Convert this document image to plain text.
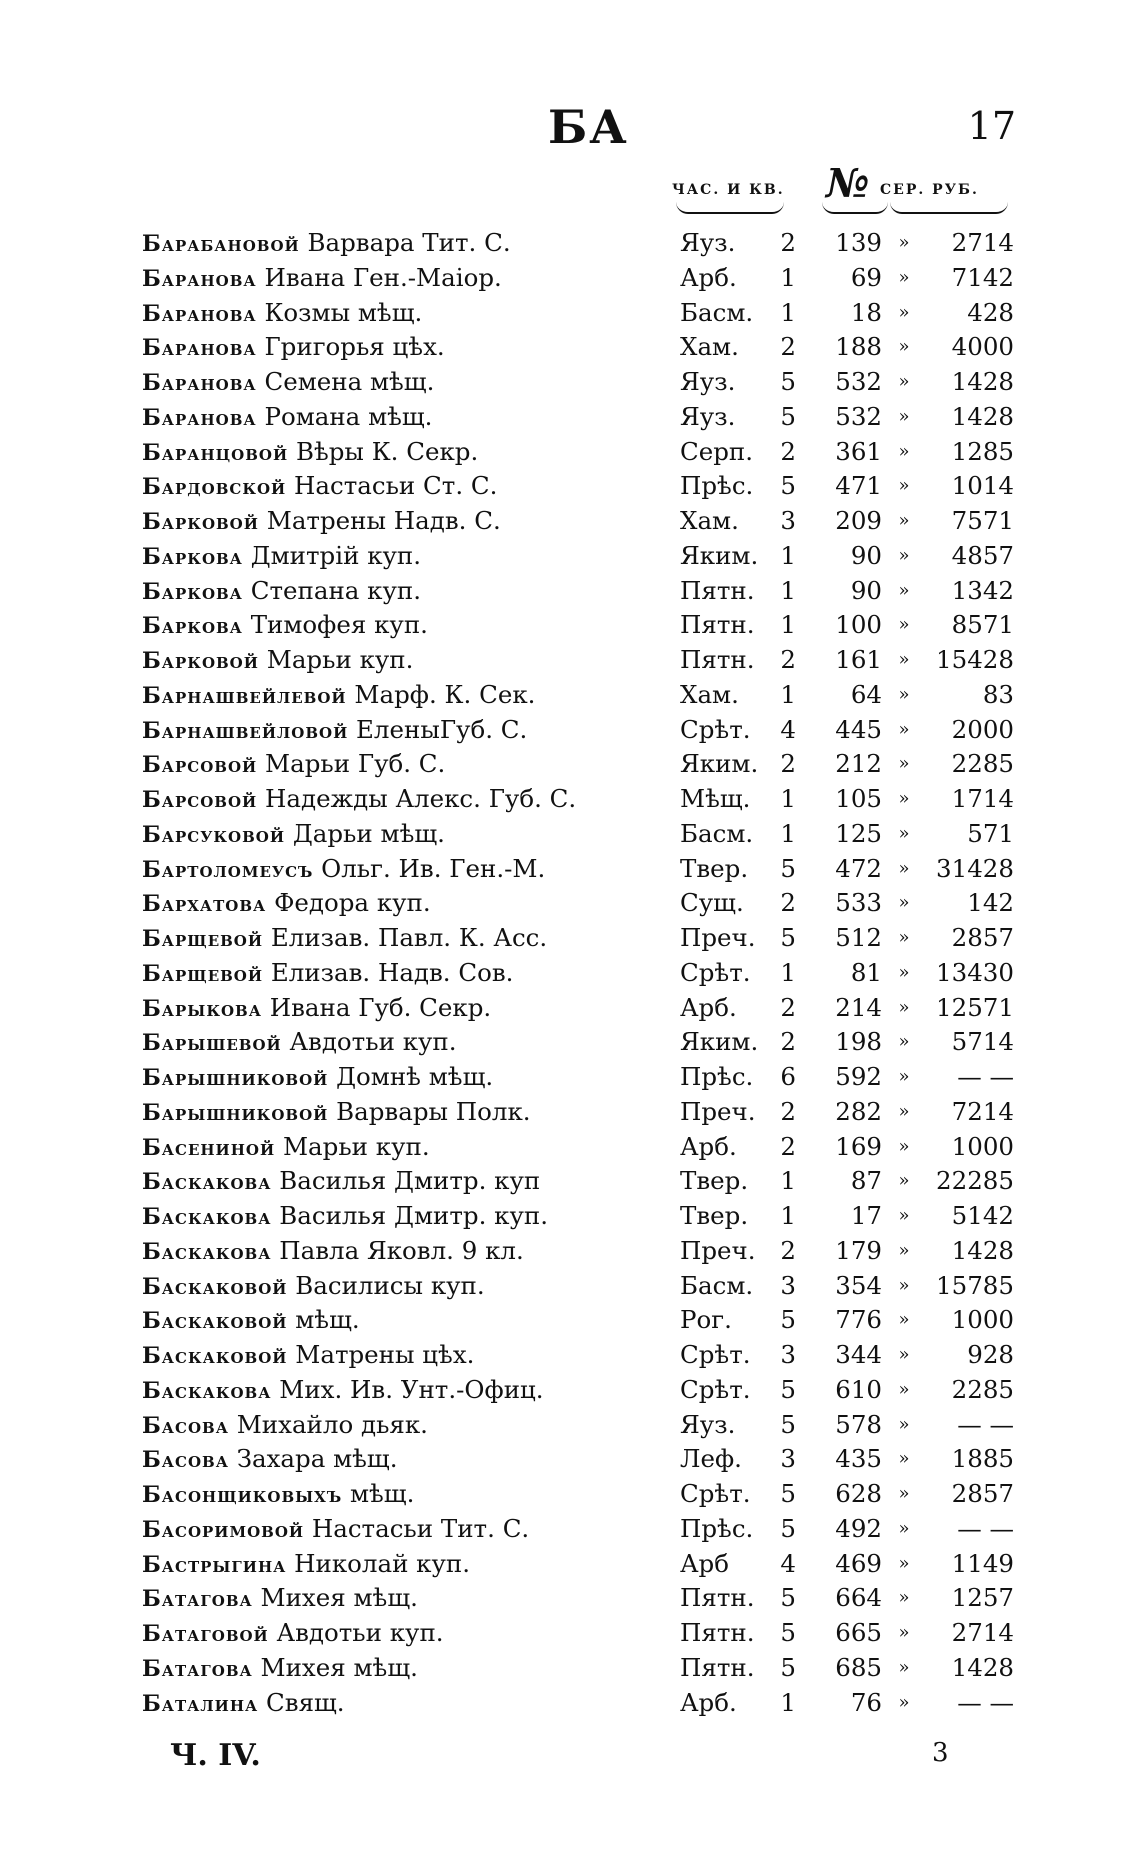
БА	17
ЧАС. И КВ. № СЕР. РУБ.
Барабановой Варвара Тит. С.	Яуз.	2	139 »	2714
Баранова Ивана Ген.-Маіор.	Арб.	1	69 »	7142
Баранова Козмы мѣщ.	Басм.	1	18 »	428
Баранова Григорья цѣх.	Хам.	2	188 »	4000
Баранова Семена мѣщ.	Яуз.	5	532 »	1428
Баранова Романа мѣщ.	Яуз.	5	532 »	1428
Баранцовой Вѣры К. Секр.	Серп.	2	361 »	1285
Бардовской Настасьи Ст. С.	Прѣс.	5	471 »	1014
Барковой Матрены Надв. С.	Хам.	3	209 »	7571
Баркова Дмитрій куп.	Яким. 1	90 »	4857
Баркова Степана куп.	Пятн.	1	90 »	1342
Баркова Тимофея куп.	Пятн.	1	100 »	8571
Барковой Марьи куп.	Пятн.	2	161 »	15428
Барнашвейлевой Марф. К. Сек.	Хам.	1	64 »	83
Барнашвейловой ЕленыГуб. С.	Срѣт.	4	445 »	2000
Барсовой Марьи Губ. С.	Яким. 2	212 »	2285
Барсовой Надежды Алекс. Губ. С.	Мѣщ.	1	105 »	1714
Барсуковой Дарьи мѣщ.	Басм.	1	125 »	571
Бартоломеусъ Ольг. Ив. Ген.-М.	Твер.	5	472 »	31428
Бархатова Федора куп.	Сущ.	2	533 »	142
Барщевой Елизав. Павл. К. Асс.	Преч.	5	512 »	2857
Барщевой Елизав. Надв. Сов.	Срѣт.	1	81 »	13430
Барыкова Ивана Губ. Секр.	Арб.	2	214 »	12571
Барышевой Авдотьи куп.	Яким. 2	198 »	5714
Барышниковой Домнѣ мѣщ.	Прѣс.	6	592 »	— —
Барышниковой Варвары Полк.	Преч.	2	282 »	7214
Басениной Марьи куп.	Арб.	2	169 »	1000
Баскакова Василья Дмитр. куп	Твер.	1	87 »	22285
Баскакова Василья Дмитр. куп.	Твер.	1	17 »	5142
Баскакова Павла Яковл. 9 кл.	Преч.	2	179 »	1428
Баскаковой Василисы куп.	Басм.	3	354 »	15785
Баскаковой мѣщ.	Рог.	5	776 »	1000
Баскаковой Матрены цѣх.	Срѣт.	3	344 »	928
Баскакова Мих. Ив. Унт.-Офиц.	Срѣт.	5	610 »	2285
Басова Михайло дьяк.	Яуз.	5	578 »	— —
Басова Захара мѣщ.	Леф.	3	435 »	1885
Басонщиковыхъ мѣщ.	Срѣт.	5	628 »	2857
Басоримовой Настасьи Тит. С.	Прѣс.	5	492 »	— —
Бастрыгина Николай куп.	Арб	4	469 »	1149
Батагова Михея мѣщ.	Пятн.	5	664 »	1257
Батаговой Авдотьи куп.	Пятн.	5	665 »	2714
Батагова Михея мѣщ.	Пятн.	5	685 »	1428
Баталина Свящ.	Арб.	1	76 »	— —
Ч. IV.	3
